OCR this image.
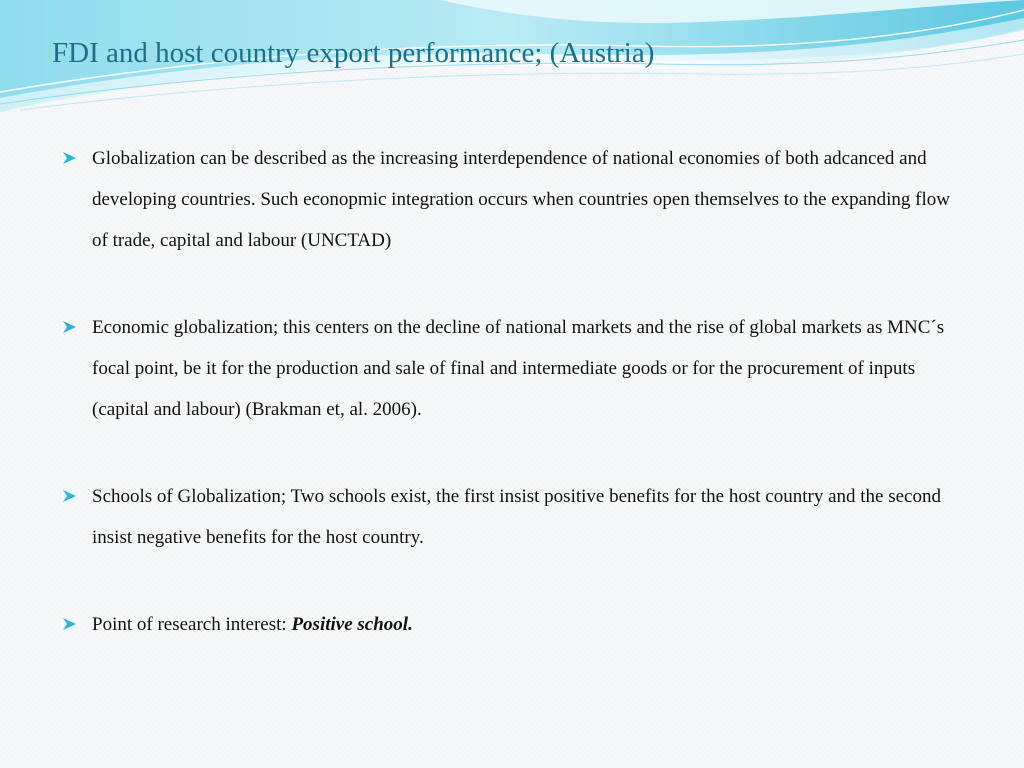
FDI and host country export performance; (Austria)
Globalization can be described as the increasing interdependence of national economies of both adcanced and developing countries. Such econopmic integration occurs when countries open themselves to the expanding flow of trade, capital and labour (UNCTAD)
Economic globalization; this centers on the decline of national markets and the rise of global markets as MNC´s focal point, be it for the production and sale of final and intermediate goods or for the procurement of inputs (capital and labour) (Brakman et, al. 2006).
Schools of Globalization; Two schools exist, the first insist positive benefits for the host country and the second insist negative benefits for the host country.
Point of research interest: Positive school.
